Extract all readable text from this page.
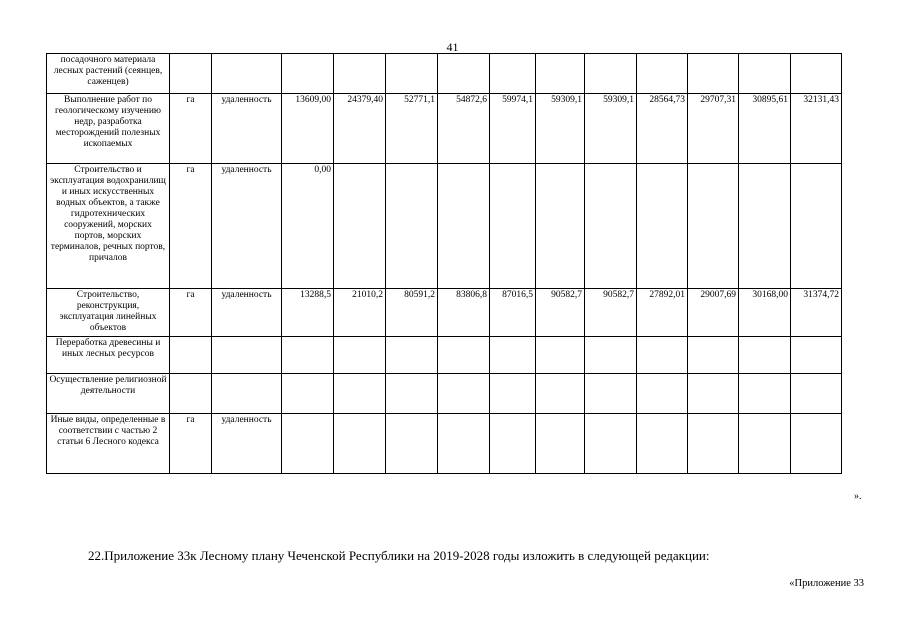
41
посадочного материала лесных растений (сеянцев, саженцев)													
Выполнение работ по геологическому изучению недр, разработка месторождений полезных ископаемых	га	удаленность	13609,00	24379,40	52771,1	54872,6	59974,1	59309,1	59309,1	28564,73	29707,31	30895,61	32131,43
Строительство и эксплуатация водохранилищ и иных искусственных водных объектов, а также гидротехнических сооружений, морских портов, морских терминалов, речных портов, причалов	га	удаленность	0,00										
Строительство, реконструкция, эксплуатация линейных объектов	га	удаленность	13288,5	21010,2	80591,2	83806,8	87016,5	90582,7	90582,7	27892,01	29007,69	30168,00	31374,72
Переработка древесины и иных лесных ресурсов													
Осуществление религиозной деятельности													
Иные виды, определенные в соответствии с частью 2 статьи 6 Лесного кодекса	га	удаленность											
».
22.Приложение 33к Лесному плану Чеченской Республики на 2019-2028 годы изложить в следующей редакции:
«Приложение 33
